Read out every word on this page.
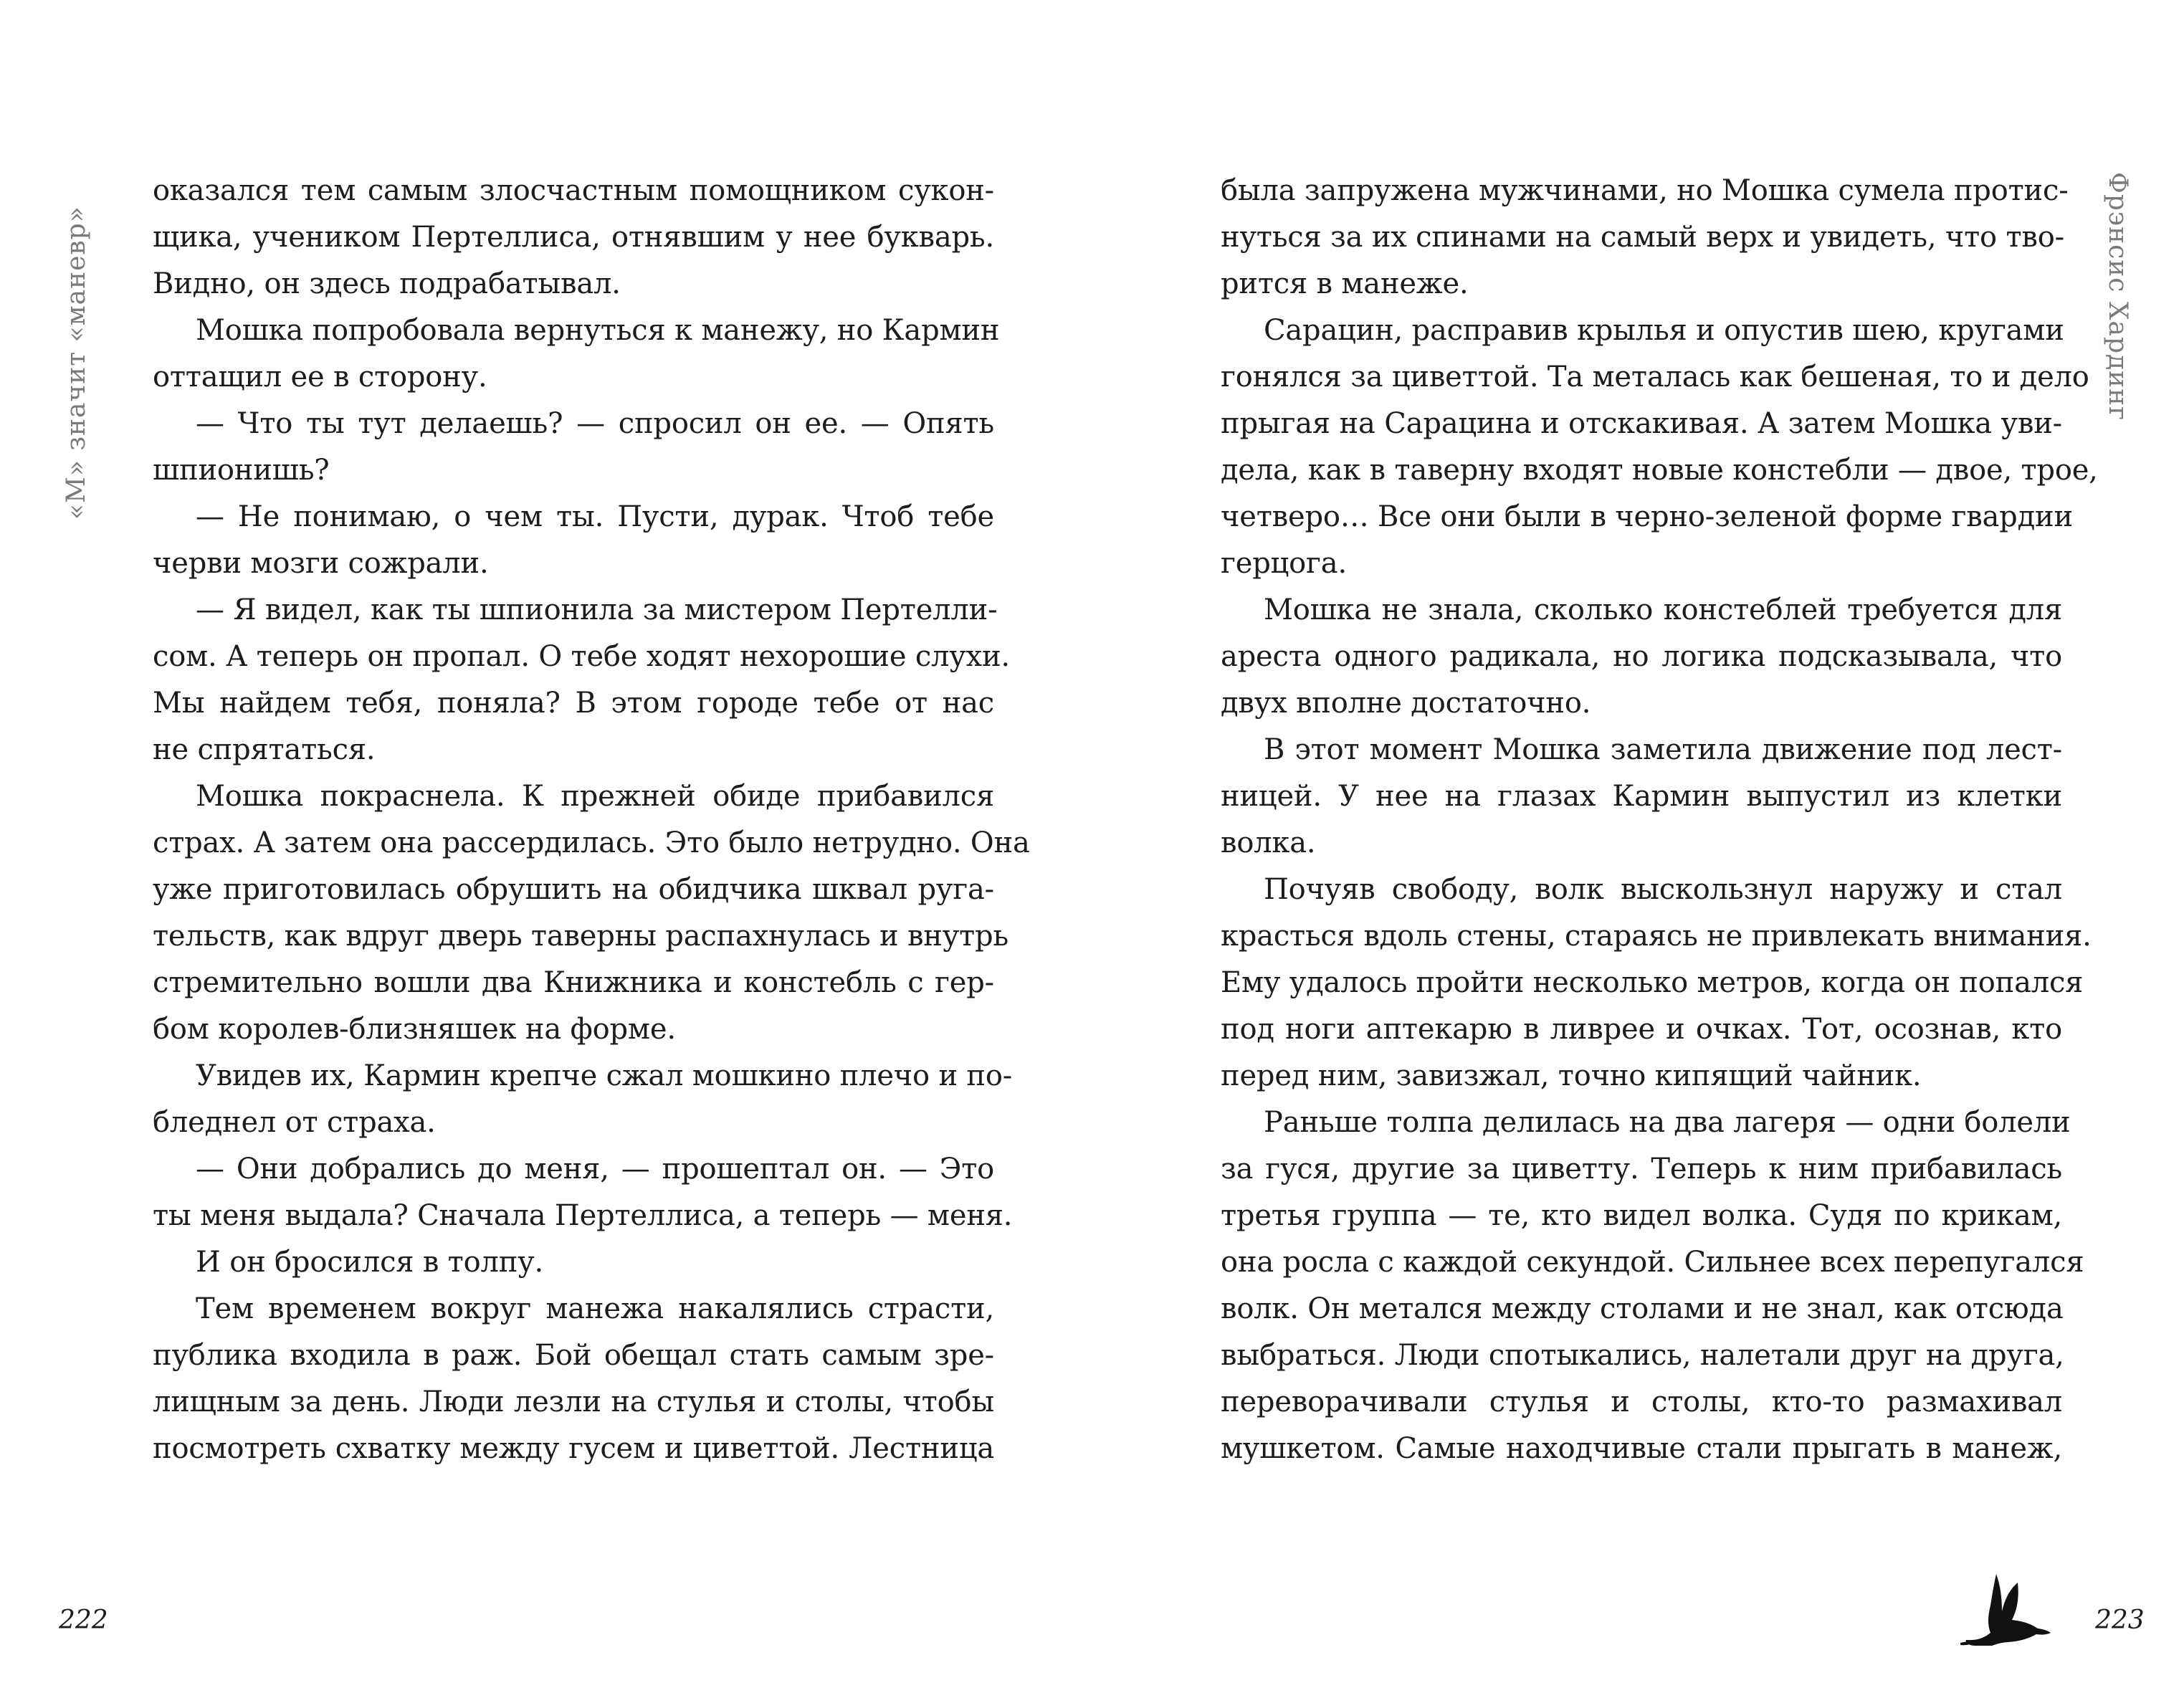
«М» значит «маневр»
оказался тем самым злосчастным помощником сукон-
щика, учеником Пертеллиса, отнявшим у нее букварь.
Видно, он здесь подрабатывал.
Мошка попробовала вернуться к манежу, но Кармин
оттащил ее в сторону.
— Что ты тут делаешь? — спросил он ее. — Опять
шпионишь?
— Не понимаю, о чем ты. Пусти, дурак. Чтоб тебе
черви мозги сожрали.
— Я видел, как ты шпионила за мистером Пертелли-
сом. А теперь он пропал. О тебе ходят нехорошие слухи.
Мы найдем тебя, поняла? В этом городе тебе от нас
не спрятаться.
Мошка покраснела. К прежней обиде прибавился
страх. А затем она рассердилась. Это было нетрудно. Она
уже приготовилась обрушить на обидчика шквал руга-
тельств, как вдруг дверь таверны распахнулась и внутрь
стремительно вошли два Книжника и констебль с гер-
бом королев-близняшек на форме.
Увидев их, Кармин крепче сжал мошкино плечо и по-
бледнел от страха.
— Они добрались до меня, — прошептал он. — Это
ты меня выдала? Сначала Пертеллиса, а теперь — меня.
И он бросился в толпу.
Тем временем вокруг манежа накалялись страсти,
публика входила в раж. Бой обещал стать самым зре-
лищным за день. Люди лезли на стулья и столы, чтобы
посмотреть схватку между гусем и циветтой. Лестница
222
была запружена мужчинами, но Мошка сумела протис-
нуться за их спинами на самый верх и увидеть, что тво-
рится в манеже.
Сарацин, расправив крылья и опустив шею, кругами
гонялся за циветтой. Та металась как бешеная, то и дело
прыгая на Сарацина и отскакивая. А затем Мошка уви-
дела, как в таверну входят новые констебли — двое, трое,
четверо… Все они были в черно-зеленой форме гвардии
герцога.
Мошка не знала, сколько констеблей требуется для
ареста одного радикала, но логика подсказывала, что
двух вполне достаточно.
В этот момент Мошка заметила движение под лест-
ницей. У нее на глазах Кармин выпустил из клетки
волка.
Почуяв свободу, волк выскользнул наружу и стал
красться вдоль стены, стараясь не привлекать внимания.
Ему удалось пройти несколько метров, когда он попался
под ноги аптекарю в ливрее и очках. Тот, осознав, кто
перед ним, завизжал, точно кипящий чайник.
Раньше толпа делилась на два лагеря — одни болели
за гуся, другие за циветту. Теперь к ним прибавилась
третья группа — те, кто видел волка. Судя по крикам,
она росла с каждой секундой. Сильнее всех перепугался
волк. Он метался между столами и не знал, как отсюда
выбраться. Люди спотыкались, налетали друг на друга,
переворачивали стулья и столы, кто-то размахивал
мушкетом. Самые находчивые стали прыгать в манеж,
Фрэнсис Хардинг
223
